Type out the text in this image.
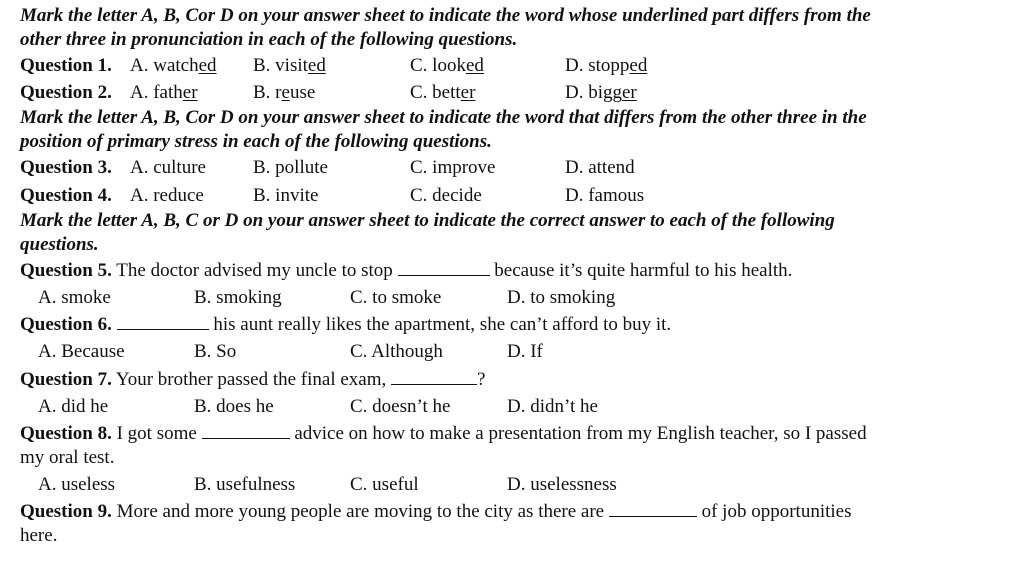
Mark the letter A, B, Cor D on your answer sheet to indicate the word whose underlined part differs from the
other three in pronunciation in each of the following questions.
Question 1. A. watched B. visited	C. looked	D. stopped
Question 2. A. father	B. reuse	C. better	D. bigger
Mark the letter A, B, Cor D on your answer sheet to indicate the word that differs from the other three in the
position of primary stress in each of the following questions.
Question 3. A. culture B. pollute	C. improve	D. attend
Question 4. A. reduce	B. invite	C. decide	D. famous
Mark the letter A, B, C or D on your answer sheet to indicate the correct answer to each of the following
questions.
Question 5. The doctor advised my uncle to stop	because it’s quite harmful to his health.
A. smoke	B. smoking	C. to smoke	D. to smoking
Question 6.	his aunt really likes the apartment, she can’t afford to buy it.
A. Because	B. So	C. Although	D. If
Question 7. Your brother passed the final exam,	?
A. did he	B. does he	C. doesn’t he	D. didn’t he
Question 8. I got some	advice on how to make a presentation from my English teacher, so I passed
my oral test.
A. useless	B. usefulness	C. useful	D. uselessness
Question 9. More and more young people are moving to the city as there are	of job opportunities
here.
